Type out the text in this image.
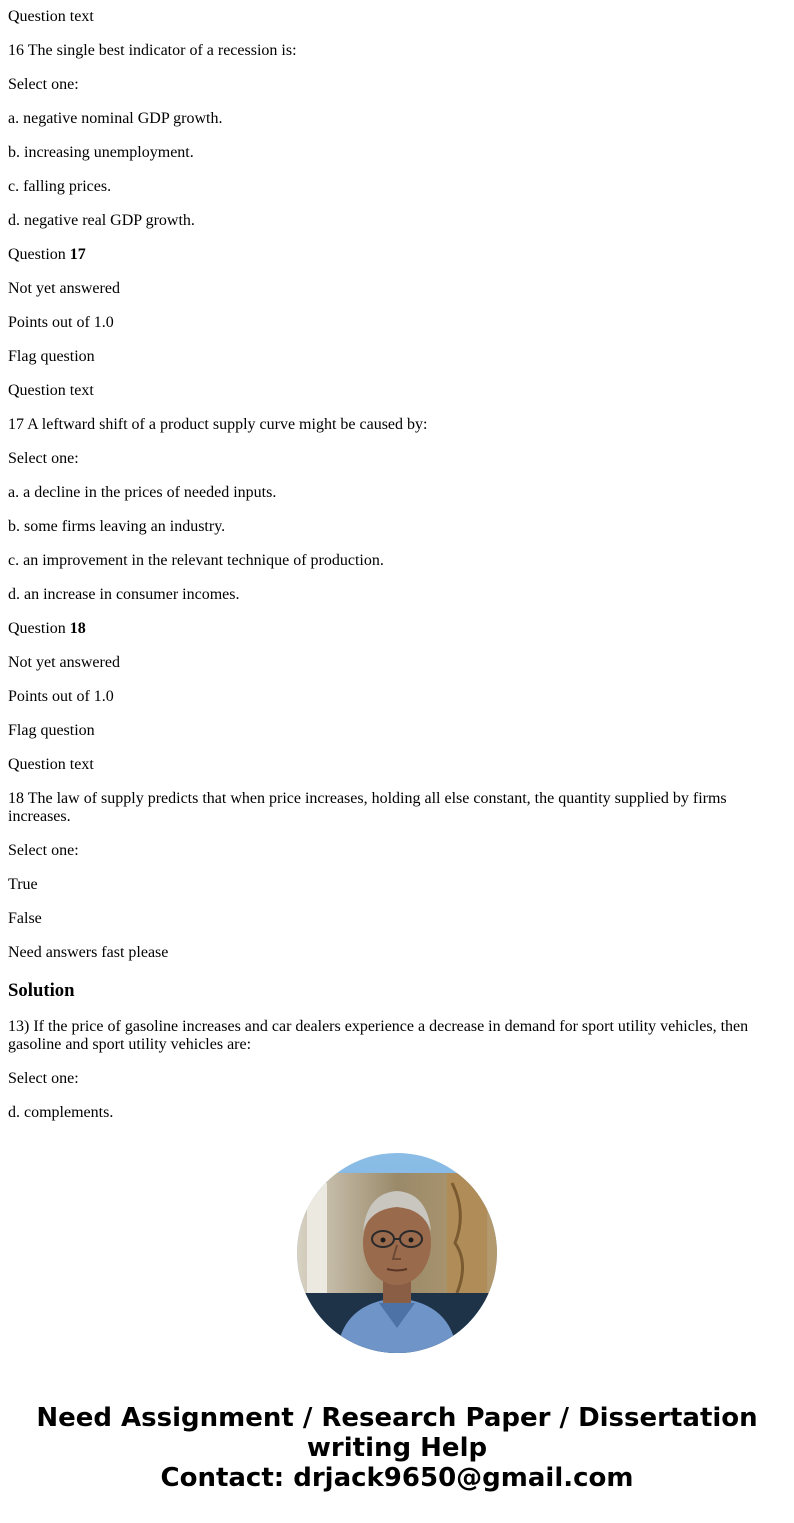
Question text

16 The single best indicator of a recession is:

Select one:

a. negative nominal GDP growth.

b. increasing unemployment.

c. falling prices.

d. negative real GDP growth.

Question 17

Not yet answered

Points out of 1.0

Flag question

Question text

17 A leftward shift of a product supply curve might be caused by:

Select one:

a. a decline in the prices of needed inputs.

b. some firms leaving an industry.

c. an improvement in the relevant technique of production.

d. an increase in consumer incomes.

Question 18

Not yet answered

Points out of 1.0

Flag question

Question text

18 The law of supply predicts that when price increases, holding all else constant, the quantity supplied by firms increases.

Select one:

True

False

Need answers fast please

Solution

13) If the price of gasoline increases and car dealers experience a decrease in demand for sport utility vehicles, then gasoline and sport utility vehicles are:

Select one:

d. complements.

Need Assignment / Research Paper / Dissertation
writing Help
Contact: drjack9650@gmail.com
